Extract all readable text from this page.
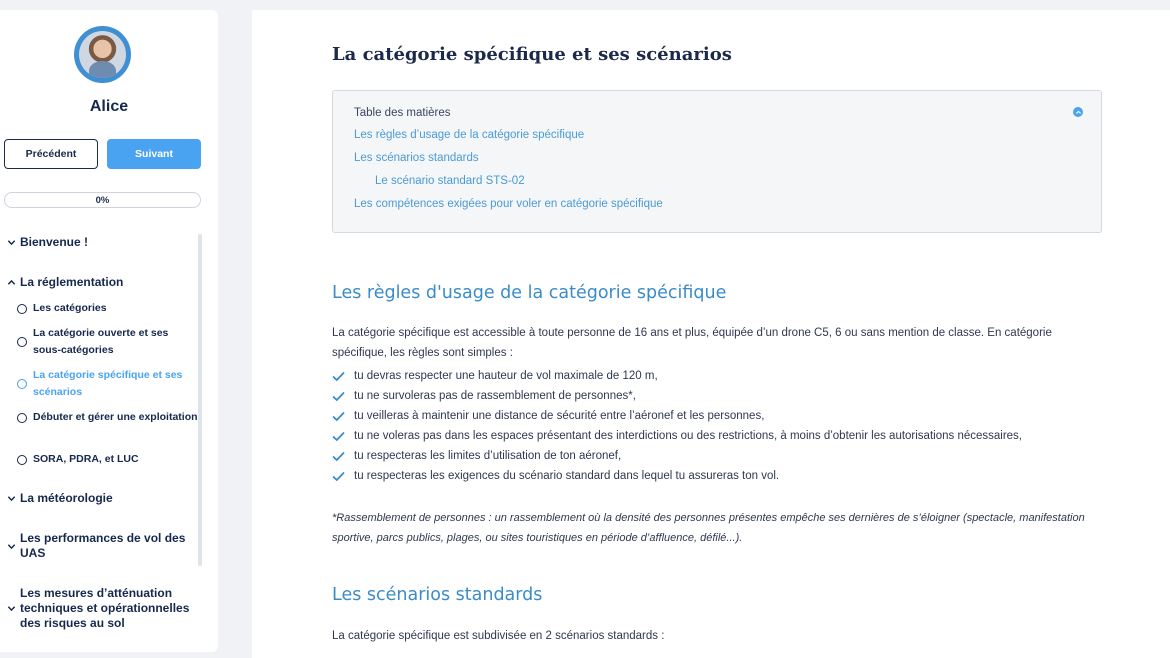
Alice
Précédent	Suivant
0%
Bienvenue !
La réglementation
Les catégories
La catégorie ouverte et ses sous-catégories
La catégorie spécifique et ses scénarios
Débuter et gérer une exploitation
SORA, PDRA, et LUC
La météorologie
Les performances de vol des UAS
Les mesures d’atténuation techniques et opérationnelles des risques au sol
La catégorie spécifique et ses scénarios
Table des matières
Les règles d’usage de la catégorie spécifique
Les scénarios standards
Le scénario standard STS-02
Les compétences exigées pour voler en catégorie spécifique
Les règles d'usage de la catégorie spécifique

La catégorie spécifique est accessible à toute personne de 16 ans et plus, équipée d’un drone C5, 6 ou sans mention de classe. En catégorie spécifique, les règles sont simples :

tu devras respecter une hauteur de vol maximale de 120 m,
tu ne survoleras pas de rassemblement de personnes*,
tu veilleras à maintenir une distance de sécurité entre l’aéronef et les personnes,
tu ne voleras pas dans les espaces présentant des interdictions ou des restrictions, à moins d’obtenir les autorisations nécessaires,
tu respecteras les limites d’utilisation de ton aéronef,
tu respecteras les exigences du scénario standard dans lequel tu assureras ton vol.

*Rassemblement de personnes : un rassemblement où la densité des personnes présentes empêche ses dernières de s’éloigner (spectacle, manifestation sportive, parcs publics, plages, ou sites touristiques en période d’affluence, défilé...).

Les scénarios standards

La catégorie spécifique est subdivisée en 2 scénarios standards :
